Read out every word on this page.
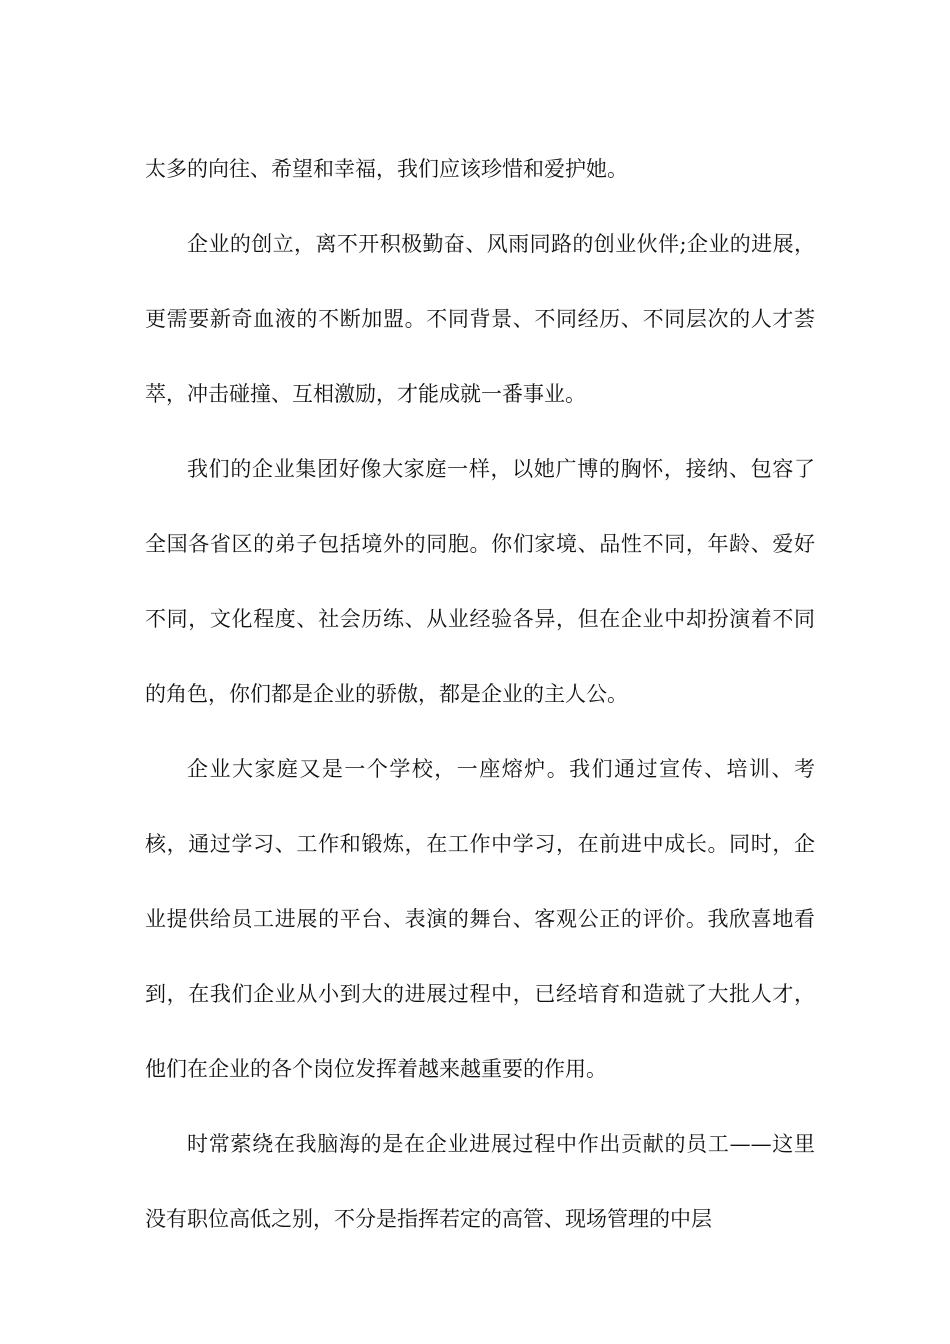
太多的向往、希望和幸福，我们应该珍惜和爱护她。

企业的创立，离不开积极勤奋、风雨同路的创业伙伴;企业的进展，更需要新奇血液的不断加盟。不同背景、不同经历、不同层次的人才荟萃，冲击碰撞、互相激励，才能成就一番事业。

我们的企业集团好像大家庭一样，以她广博的胸怀，接纳、包容了全国各省区的弟子包括境外的同胞。你们家境、品性不同，年龄、爱好不同，文化程度、社会历练、从业经验各异，但在企业中却扮演着不同的角色，你们都是企业的骄傲，都是企业的主人公。

企业大家庭又是一个学校，一座熔炉。我们通过宣传、培训、考核，通过学习、工作和锻炼，在工作中学习，在前进中成长。同时，企业提供给员工进展的平台、表演的舞台、客观公正的评价。我欣喜地看到，在我们企业从小到大的进展过程中，已经培育和造就了大批人才，他们在企业的各个岗位发挥着越来越重要的作用。

时常萦绕在我脑海的是在企业进展过程中作出贡献的员工——这里没有职位高低之别，不分是指挥若定的高管、现场管理的中层
